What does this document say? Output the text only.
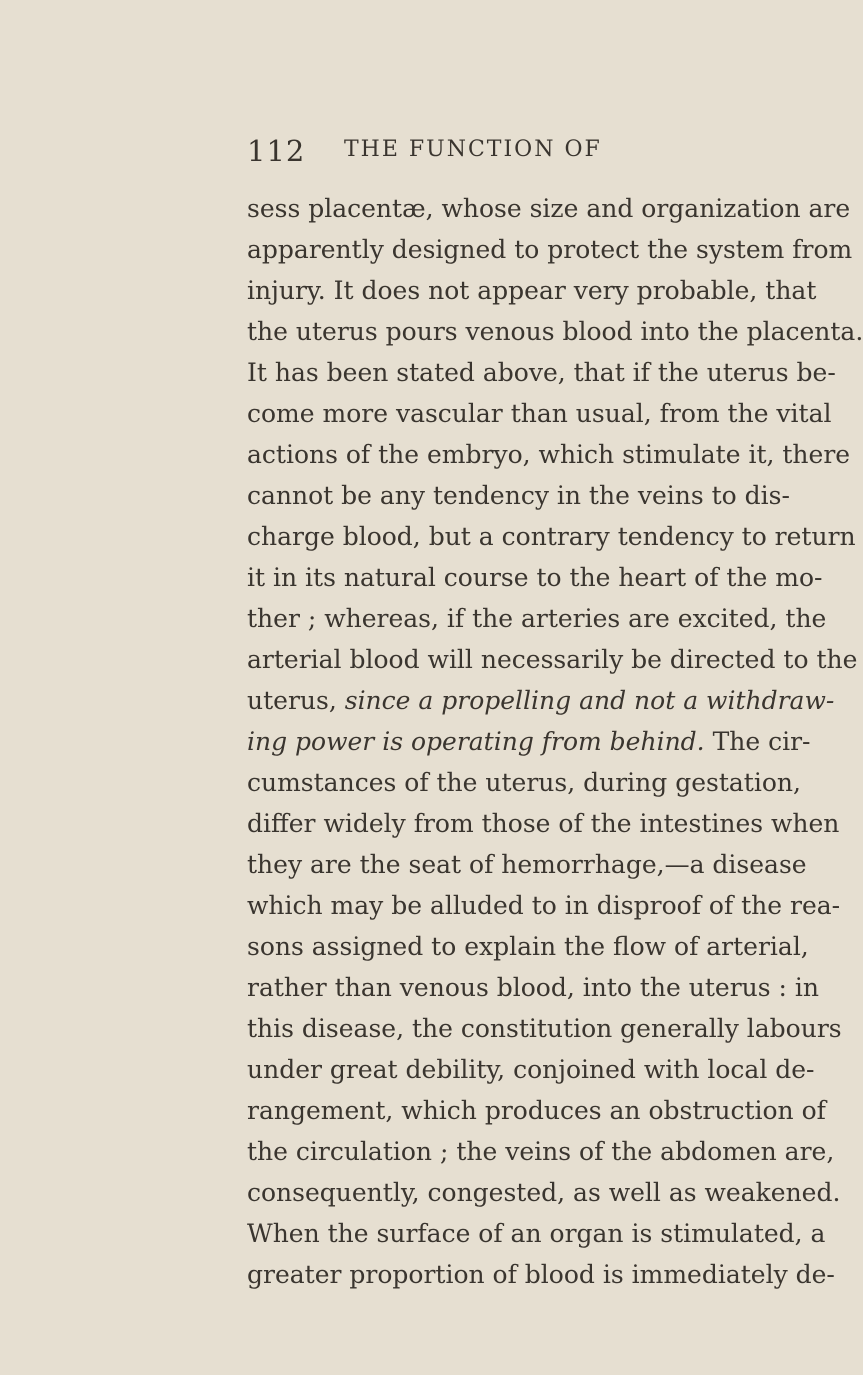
112 THE FUNCTION OF
sess placentæ, whose size and organization are
apparently designed to protect the system from
injury. It does not appear very probable, that
the uterus pours venous blood into the placenta.
It has been stated above, that if the uterus be-
come more vascular than usual, from the vital
actions of the embryo, which stimulate it, there
cannot be any tendency in the veins to dis-
charge blood, but a contrary tendency to return
it in its natural course to the heart of the mo-
ther ; whereas, if the arteries are excited, the
arterial blood will necessarily be directed to the
uterus, since a propelling and not a withdraw-
ing power is operating from behind. The cir-
cumstances of the uterus, during gestation,
differ widely from those of the intestines when
they are the seat of hemorrhage,—a disease
which may be alluded to in disproof of the rea-
sons assigned to explain the flow of arterial,
rather than venous blood, into the uterus : in
this disease, the constitution generally labours
under great debility, conjoined with local de-
rangement, which produces an obstruction of
the circulation ; the veins of the abdomen are,
consequently, congested, as well as weakened.
When the surface of an organ is stimulated, a
greater proportion of blood is immediately de-
